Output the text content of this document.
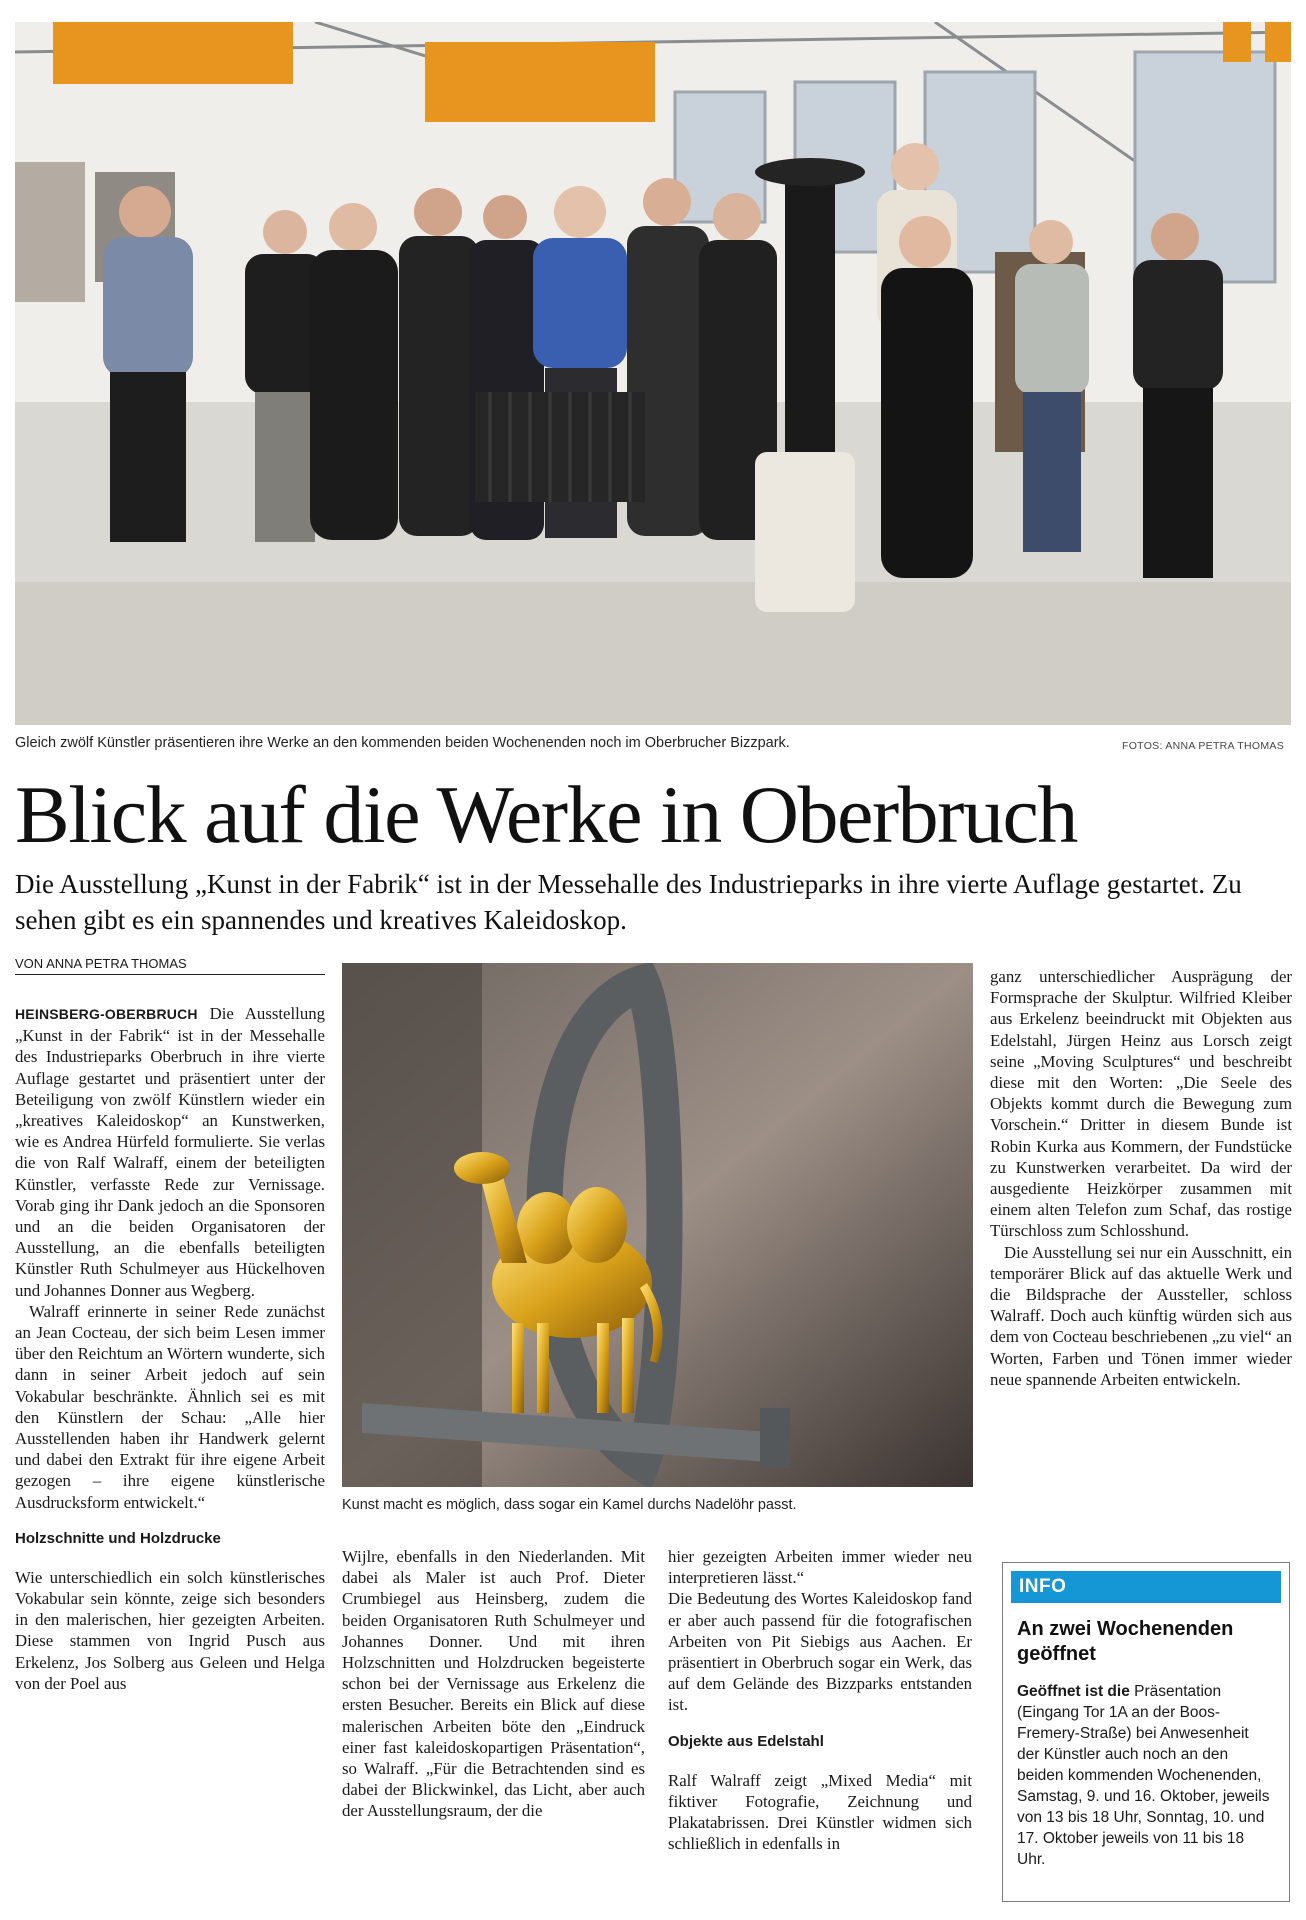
Gleich zwölf Künstler präsentieren ihre Werke an den kommenden beiden Wochenenden noch im Oberbrucher Bizzpark.	FOTOS: ANNA PETRA THOMAS
Blick auf die Werke in Oberbruch

Die Ausstellung „Kunst in der Fabrik“ ist in der Messehalle des Industrieparks in ihre vierte Auflage gestartet. Zu sehen gibt es ein spannendes und kreatives Kaleidoskop.

VON ANNA PETRA THOMAS

HEINSBERG-OBERBRUCH Die Ausstellung „Kunst in der Fabrik“ ist in der Messehalle des Industrieparks Oberbruch in ihre vierte Auflage gestartet und präsentiert unter der Beteiligung von zwölf Künstlern wieder ein „kreatives Kaleidoskop“ an Kunstwerken, wie es Andrea Hürfeld formulierte. Sie verlas die von Ralf Walraff, einem der beteiligten Künstler, verfasste Rede zur Vernissage. Vorab ging ihr Dank jedoch an die Sponsoren und an die beiden Organisatoren der Ausstellung, an die ebenfalls beteiligten Künstler Ruth Schulmeyer aus Hückelhoven und Johannes Donner aus Wegberg.

Walraff erinnerte in seiner Rede zunächst an Jean Cocteau, der sich beim Lesen immer über den Reichtum an Wörtern wunderte, sich dann in seiner Arbeit jedoch auf sein Vokabular beschränkte. Ähnlich sei es mit den Künstlern der Schau: „Alle hier Ausstellenden haben ihr Handwerk gelernt und dabei den Extrakt für ihre eigene Arbeit gezogen – ihre eigene künstlerische Ausdrucksform entwickelt.“

Holzschnitte und Holzdrucke

Wie unterschiedlich ein solch künstlerisches Vokabular sein könnte, zeige sich besonders in den malerischen, hier gezeigten Arbeiten. Diese stammen von Ingrid Pusch aus Erkelenz, Jos Solberg aus Geleen und Helga von der Poel aus

Kunst macht es möglich, dass sogar ein Kamel durchs Nadelöhr passt.

Wijlre, ebenfalls in den Niederlanden. Mit dabei als Maler ist auch Prof. Dieter Crumbiegel aus Heinsberg, zudem die beiden Organisatoren Ruth Schulmeyer und Johannes Donner. Und mit ihren Holzschnitten und Holzdrucken begeisterte schon bei der Vernissage aus Erkelenz die ersten Besucher. Bereits ein Blick auf diese malerischen Arbeiten böte den „Eindruck einer fast kaleidoskopartigen Präsentation“, so Walraff. „Für die Betrachtenden sind es dabei der Blickwinkel, das Licht, aber auch der Ausstellungsraum, der die

hier gezeigten Arbeiten immer wieder neu interpretieren lässt.“

Die Bedeutung des Wortes Kaleidoskop fand er aber auch passend für die fotografischen Arbeiten von Pit Siebigs aus Aachen. Er präsentiert in Oberbruch sogar ein Werk, das auf dem Gelände des Bizzparks entstanden ist.

Objekte aus Edelstahl

Ralf Walraff zeigt „Mixed Media“ mit fiktiver Fotografie, Zeichnung und Plakatabrissen. Drei Künstler widmen sich schließlich in edenfalls in

ganz unterschiedlicher Ausprägung der Formsprache der Skulptur. Wilfried Kleiber aus Erkelenz beeindruckt mit Objekten aus Edelstahl, Jürgen Heinz aus Lorsch zeigt seine „Moving Sculptures“ und beschreibt diese mit den Worten: „Die Seele des Objekts kommt durch die Bewegung zum Vorschein.“ Dritter in diesem Bunde ist Robin Kurka aus Kommern, der Fundstücke zu Kunstwerken verarbeitet. Da wird der ausgediente Heizkörper zusammen mit einem alten Telefon zum Schaf, das rostige Türschloss zum Schlosshund.

Die Ausstellung sei nur ein Ausschnitt, ein temporärer Blick auf das aktuelle Werk und die Bildsprache der Aussteller, schloss Walraff. Doch auch künftig würden sich aus dem von Cocteau beschriebenen „zu viel“ an Worten, Farben und Tönen immer wieder neue spannende Arbeiten entwickeln.

INFO
An zwei Wochenenden geöffnet
Geöffnet ist die Präsentation (Eingang Tor 1A an der Boos-Fremery-Straße) bei Anwesenheit der Künstler auch noch an den beiden kommenden Wochenenden, Samstag, 9. und 16. Oktober, jeweils von 13 bis 18 Uhr, Sonntag, 10. und 17. Oktober jeweils von 11 bis 18 Uhr.
